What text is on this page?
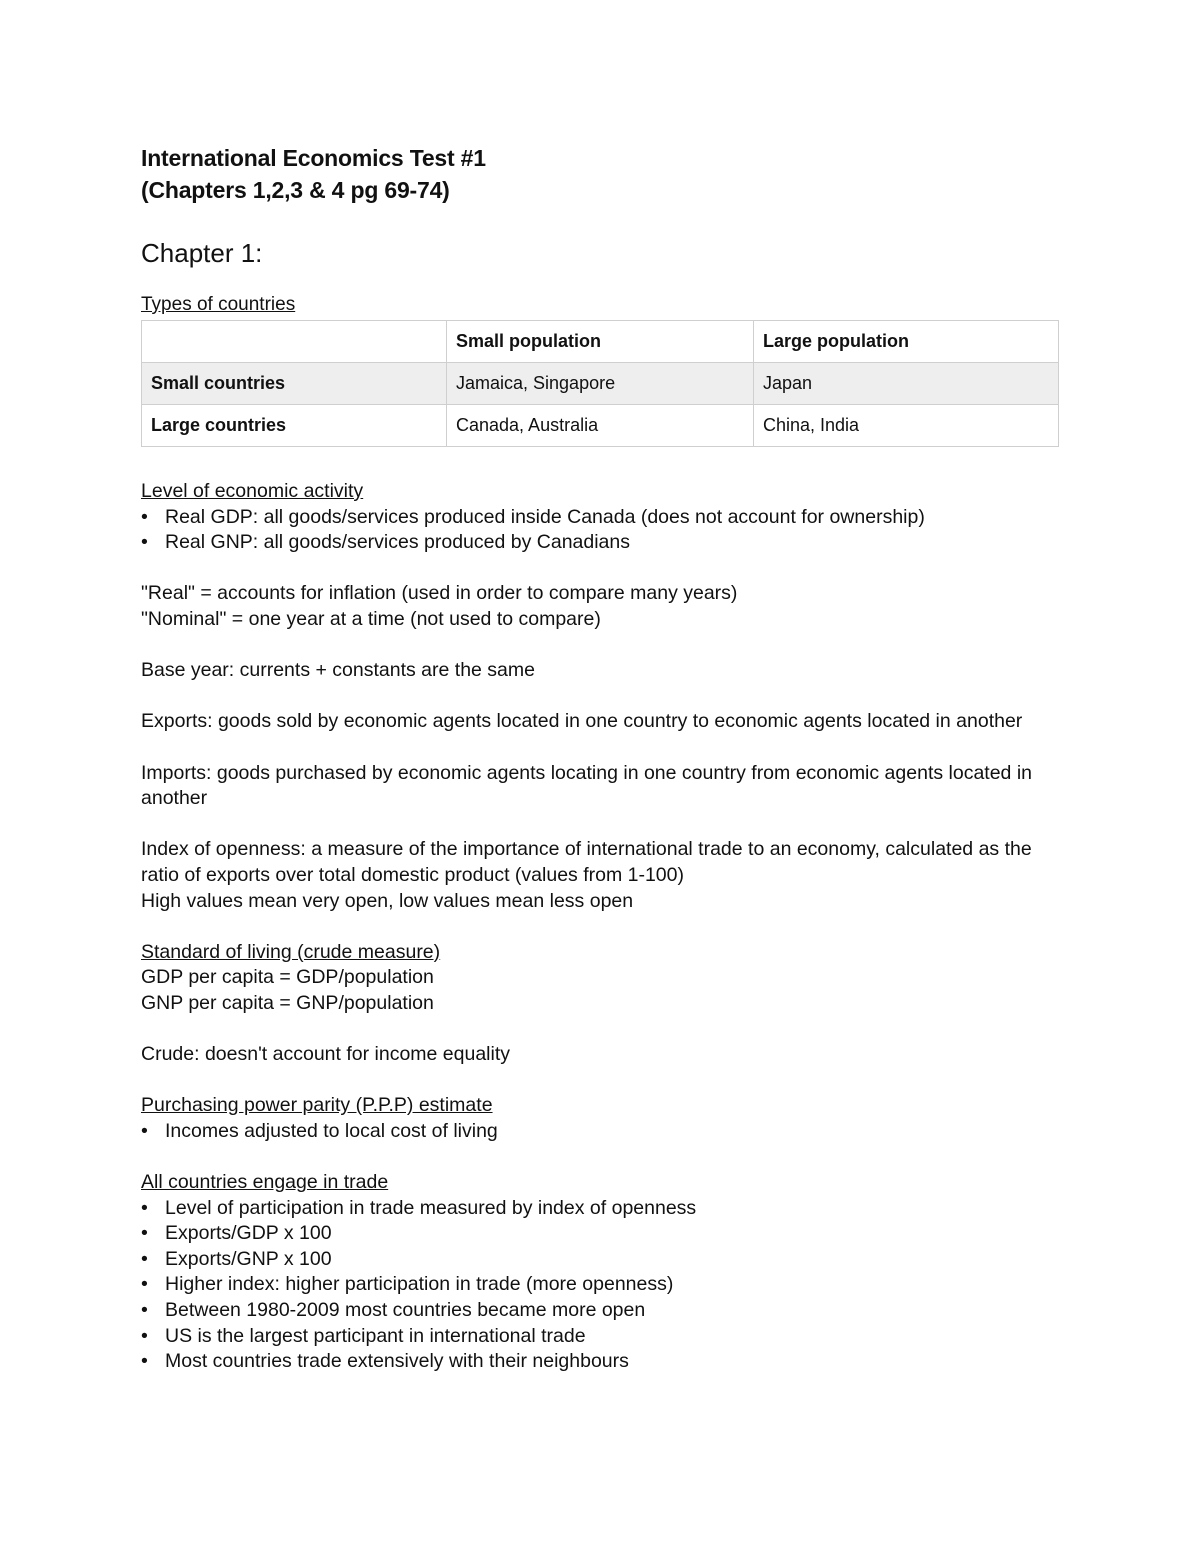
International Economics Test #1
(Chapters 1,2,3 & 4 pg 69-74)
Chapter 1:
Types of countries
	Small population	Large population
Small countries	Jamaica, Singapore	Japan
Large countries	Canada, Australia	China, India

Level of economic activity

• Real GDP: all goods/services produced inside Canada (does not account for ownership)

• Real GNP: all goods/services produced by Canadians

"Real" = accounts for inflation (used in order to compare many years)

"Nominal" = one year at a time (not used to compare)

Base year: currents + constants are the same

Exports: goods sold by economic agents located in one country to economic agents located in another

Imports: goods purchased by economic agents locating in one country from economic agents located in another

Index of openness: a measure of the importance of international trade to an economy, calculated as the ratio of exports over total domestic product (values from 1-100)

High values mean very open, low values mean less open

Standard of living (crude measure)

GDP per capita = GDP/population

GNP per capita = GNP/population

Crude: doesn't account for income equality

Purchasing power parity (P.P.P) estimate

• Incomes adjusted to local cost of living

All countries engage in trade

• Level of participation in trade measured by index of openness

• Exports/GDP x 100

• Exports/GNP x 100

• Higher index: higher participation in trade (more openness)

• Between 1980-2009 most countries became more open

• US is the largest participant in international trade

• Most countries trade extensively with their neighbours
